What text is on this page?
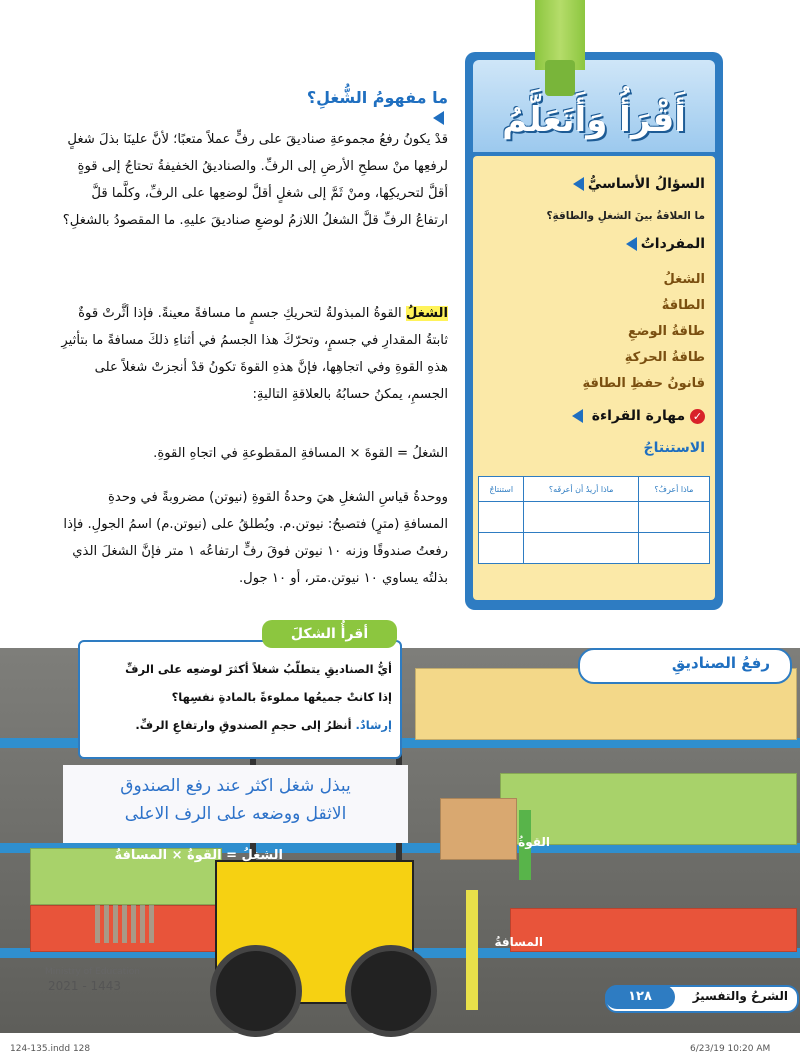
أَقْرَأُ وَأَتَعَلَّمُ
السؤالُ الأساسيُّ
ما العلاقةُ بينَ الشغلِ والطاقةِ؟
المفرداتُ
الشغلُ
الطاقةُ
طاقةُ الوضعِ
طاقةُ الحركةِ
قانونُ حفظِ الطاقةِ
✓ مهارة القراءة
الاستنتاجُ
ماذا أعرفُ؟	ماذا أريدُ أن أعرفَه؟	استنتاجُ

ما مفهومُ الشُّغلِ؟
قدْ يكونُ رفعُ مجموعةِ صناديقَ على رفٍّ عملاً متعبًا؛ لأنَّ علينَا بذلَ شغلٍ لرفعِها منْ سطحِ الأرضِ إلى الرفِّ. والصناديقُ الخفيفةُ تحتاجُ إلى قوةٍ أقلَّ لتحريكِها، ومنْ ثَمَّ إلى شغلٍ أقلَّ لوضعِها على الرفِّ، وكلَّما قلَّ ارتفاعُ الرفِّ قلَّ الشغلُ اللازمُ لوضعِ صناديقَ عليهِ. ما المقصودُ بالشغلِ؟
الشغلُ القوةُ المبذولةُ لتحريكِ جسمٍ ما مسافةً معينةً. فإذا أثَّرتْ قوةٌ ثابتةُ المقدارِ في جسمٍ، وتحرّكَ هذا الجسمُ في أثناءِ ذلكَ مسافةً ما بتأثيرِ هذهِ القوةِ وفي اتجاهِها، فإنَّ هذهِ القوةَ تكونُ قدْ أنجزتْ شغلاً على الجسمِ، يمكنُ حسابُهُ بالعلاقةِ التاليةِ:
الشغلُ = القوةَ × المسافةِ المقطوعةِ في اتجاهِ القوةِ.
ووحدةُ قياسِ الشغلِ هيَ وحدةُ القوةِ (نيوتن) مضروبةً في وحدةِ المسافةِ (مترٍ) فتصبحُ: نيوتن.م. ويُطلقُ على (نيوتن.م) اسمُ الجولِ. فإذا رفعتُ صندوقًا وزنه ١٠ نيوتن فوقَ رفٍّ ارتفاعُه ١ متر فإنَّ الشغلَ الذي بذلتُه يساوي ١٠ نيوتن.متر، أو ١٠ جول.
القوةُ
المسافةُ
أقرأُ الشكلَ
أيُّ الصناديقِ يتطلّبُ شغلاً أكثرَ لوضعِه على الرفِّ
إذا كانتْ جميعُها مملوءةً بالمادةِ نفسِها؟
إرشادٌ. أنظرُ إلى حجمِ الصندوقِ وارتفاعِ الرفِّ.
رفعُ الصناديقِ
يبذل شغل اكثر عند رفع الصندوق
الاثقل ووضعه على الرف الاعلى
الشغلُ = القوةُ × المسافةُ
Ministry of Education
2021 - 1443
١٢٨	الشرحُ والتفسيرُ
124-135.indd 128	6/23/19 10:20 AM
